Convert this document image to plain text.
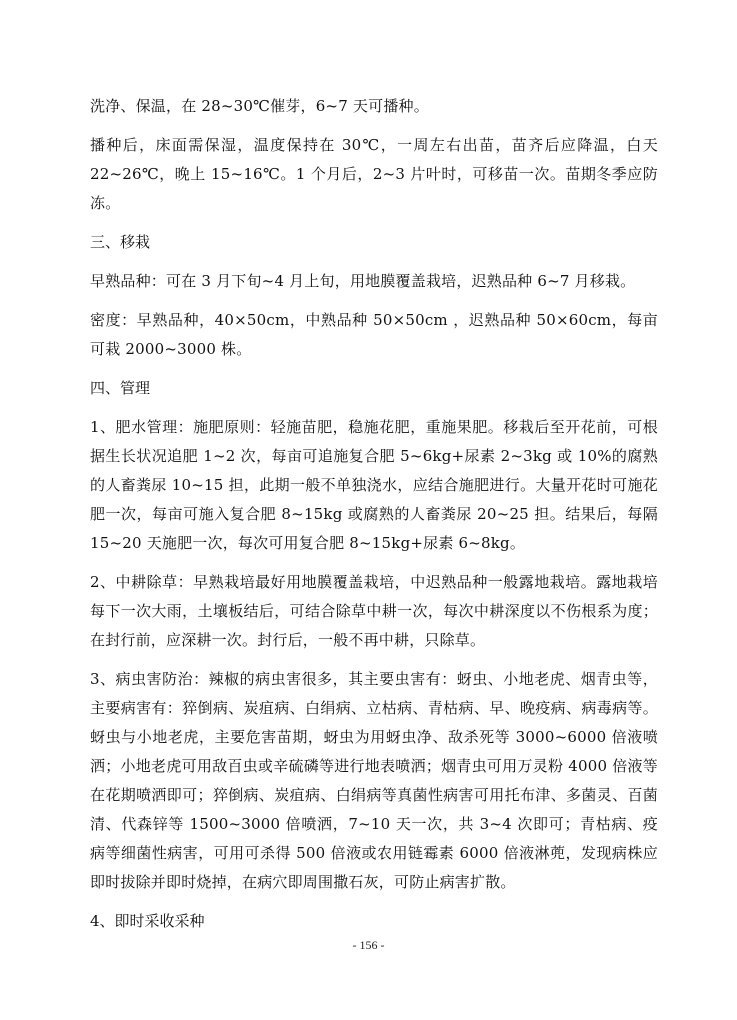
洗净、保温，在 28~30℃催芽，6~7 天可播种。

播种后，床面需保湿，温度保持在 30℃，一周左右出苗，苗齐后应降温，白天 22~26℃，晚上 15~16℃。1 个月后，2~3 片叶时，可移苗一次。苗期冬季应防冻。

三、移栽

早熟品种：可在 3 月下旬~4 月上旬，用地膜覆盖栽培，迟熟品种 6~7 月移栽。

密度：早熟品种，40×50cm，中熟品种 50×50cm ，迟熟品种 50×60cm，每亩可栽 2000~3000 株。

四、管理

1、肥水管理：施肥原则：轻施苗肥，稳施花肥，重施果肥。移栽后至开花前，可根据生长状况追肥 1~2 次，每亩可追施复合肥 5~6kg+尿素 2~3kg 或 10%的腐熟的人畜粪尿 10~15 担，此期一般不单独浇水，应结合施肥进行。大量开花时可施花肥一次，每亩可施入复合肥 8~15kg 或腐熟的人畜粪尿 20~25 担。结果后，每隔 15~20 天施肥一次，每次可用复合肥 8~15kg+尿素 6~8kg。

2、中耕除草：早熟栽培最好用地膜覆盖栽培，中迟熟品种一般露地栽培。露地栽培每下一次大雨，土壤板结后，可结合除草中耕一次，每次中耕深度以不伤根系为度；在封行前，应深耕一次。封行后，一般不再中耕，只除草。

3、病虫害防治：辣椒的病虫害很多，其主要虫害有：蚜虫、小地老虎、烟青虫等，主要病害有：猝倒病、炭疽病、白绢病、立枯病、青枯病、早、晚疫病、病毒病等。蚜虫与小地老虎，主要危害苗期，蚜虫为用蚜虫净、敌杀死等 3000~6000 倍液喷洒；小地老虎可用敌百虫或辛硫磷等进行地表喷洒；烟青虫可用万灵粉 4000 倍液等在花期喷洒即可；猝倒病、炭疽病、白绢病等真菌性病害可用托布津、多菌灵、百菌清、代森锌等 1500~3000 倍喷洒，7~10 天一次，共 3~4 次即可；青枯病、疫病等细菌性病害，可用可杀得 500 倍液或农用链霉素 6000 倍液淋蔸，发现病株应即时拔除并即时烧掉，在病穴即周围撒石灰，可防止病害扩散。

4、即时采收采种

- 156 -
